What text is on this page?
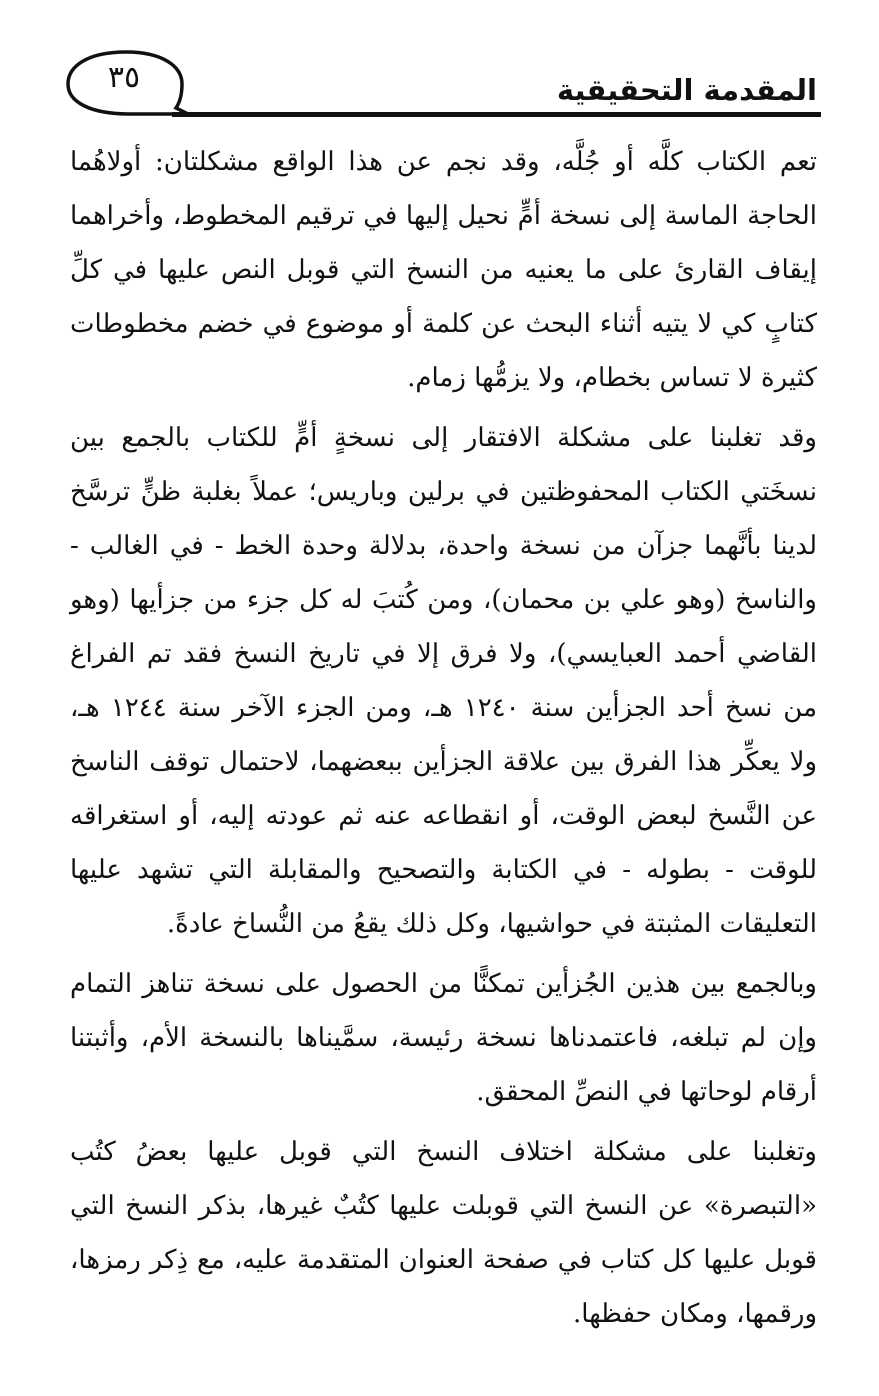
المقدمة التحقيقية
٣٥

تعم الكتاب كلَّه أو جُلَّه، وقد نجم عن هذا الواقع مشكلتان: أولاهُما الحاجة الماسة إلى نسخة أمٍّ نحيل إليها في ترقيم المخطوط، وأخراهما إيقاف القارئ على ما يعنيه من النسخ التي قوبل النص عليها في كلِّ كتابٍ كي لا يتيه أثناء البحث عن كلمة أو موضوع في خضم مخطوطات كثيرة لا تساس بخطام، ولا يزمُّها زمام.

وقد تغلبنا على مشكلة الافتقار إلى نسخةٍ أمٍّ للكتاب بالجمع بين نسخَتي الكتاب المحفوظتين في برلين وباريس؛ عملاً بغلبة ظنٍّ ترسَّخ لدينا بأنَّهما جزآن من نسخة واحدة، بدلالة وحدة الخط - في الغالب - والناسخ (وهو علي بن محمان)، ومن كُتبَ له كل جزء من جزأيها (وهو القاضي أحمد العبايسي)، ولا فرق إلا في تاريخ النسخ فقد تم الفراغ من نسخ أحد الجزأين سنة ١٢٤٠ هـ، ومن الجزء الآخر سنة ١٢٤٤ هـ، ولا يعكِّر هذا الفرق بين علاقة الجزأين ببعضهما، لاحتمال توقف الناسخ عن النَّسخ لبعض الوقت، أو انقطاعه عنه ثم عودته إليه، أو استغراقه للوقت - بطوله - في الكتابة والتصحيح والمقابلة التي تشهد عليها التعليقات المثبتة في حواشيها، وكل ذلك يقعُ من النُّساخ عادةً.

وبالجمع بين هذين الجُزأين تمكنًّا من الحصول على نسخة تناهز التمام وإن لم تبلغه، فاعتمدناها نسخة رئيسة، سمَّيناها بالنسخة الأم، وأثبتنا أرقام لوحاتها في النصِّ المحقق.

وتغلبنا على مشكلة اختلاف النسخ التي قوبل عليها بعضُ كتُب «التبصرة» عن النسخ التي قوبلت عليها كتُبٌ غيرها، بذكر النسخ التي قوبل عليها كل كتاب في صفحة العنوان المتقدمة عليه، مع ذِكر رمزها، ورقمها، ومكان حفظها.
